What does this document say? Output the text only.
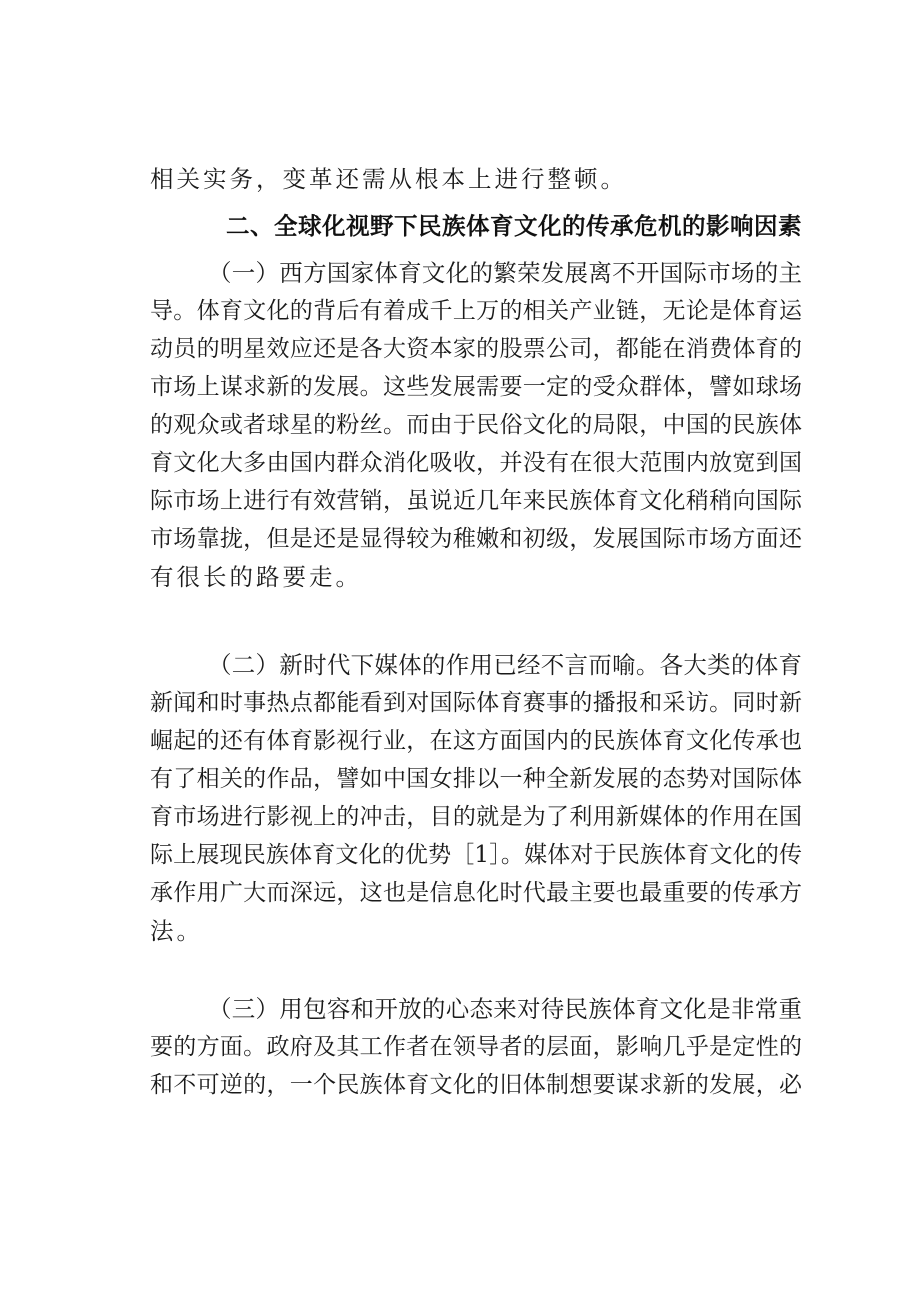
相关实务，变革还需从根本上进行整顿。
二、全球化视野下民族体育文化的传承危机的影响因素
（一）西方国家体育文化的繁荣发展离不开国际市场的主
导。体育文化的背后有着成千上万的相关产业链，无论是体育运
动员的明星效应还是各大资本家的股票公司，都能在消费体育的
市场上谋求新的发展。这些发展需要一定的受众群体，譬如球场
的观众或者球星的粉丝。而由于民俗文化的局限，中国的民族体
育文化大多由国内群众消化吸收，并没有在很大范围内放宽到国
际市场上进行有效营销，虽说近几年来民族体育文化稍稍向国际
市场靠拢，但是还是显得较为稚嫩和初级，发展国际市场方面还
有很长的路要走。
（二）新时代下媒体的作用已经不言而喻。各大类的体育
新闻和时事热点都能看到对国际体育赛事的播报和采访。同时新
崛起的还有体育影视行业，在这方面国内的民族体育文化传承也
有了相关的作品，譬如中国女排以一种全新发展的态势对国际体
育市场进行影视上的冲击，目的就是为了利用新媒体的作用在国
际上展现民族体育文化的优势［1］。媒体对于民族体育文化的传
承作用广大而深远，这也是信息化时代最主要也最重要的传承方
法。
（三）用包容和开放的心态来对待民族体育文化是非常重
要的方面。政府及其工作者在领导者的层面，影响几乎是定性的
和不可逆的，一个民族体育文化的旧体制想要谋求新的发展，必
